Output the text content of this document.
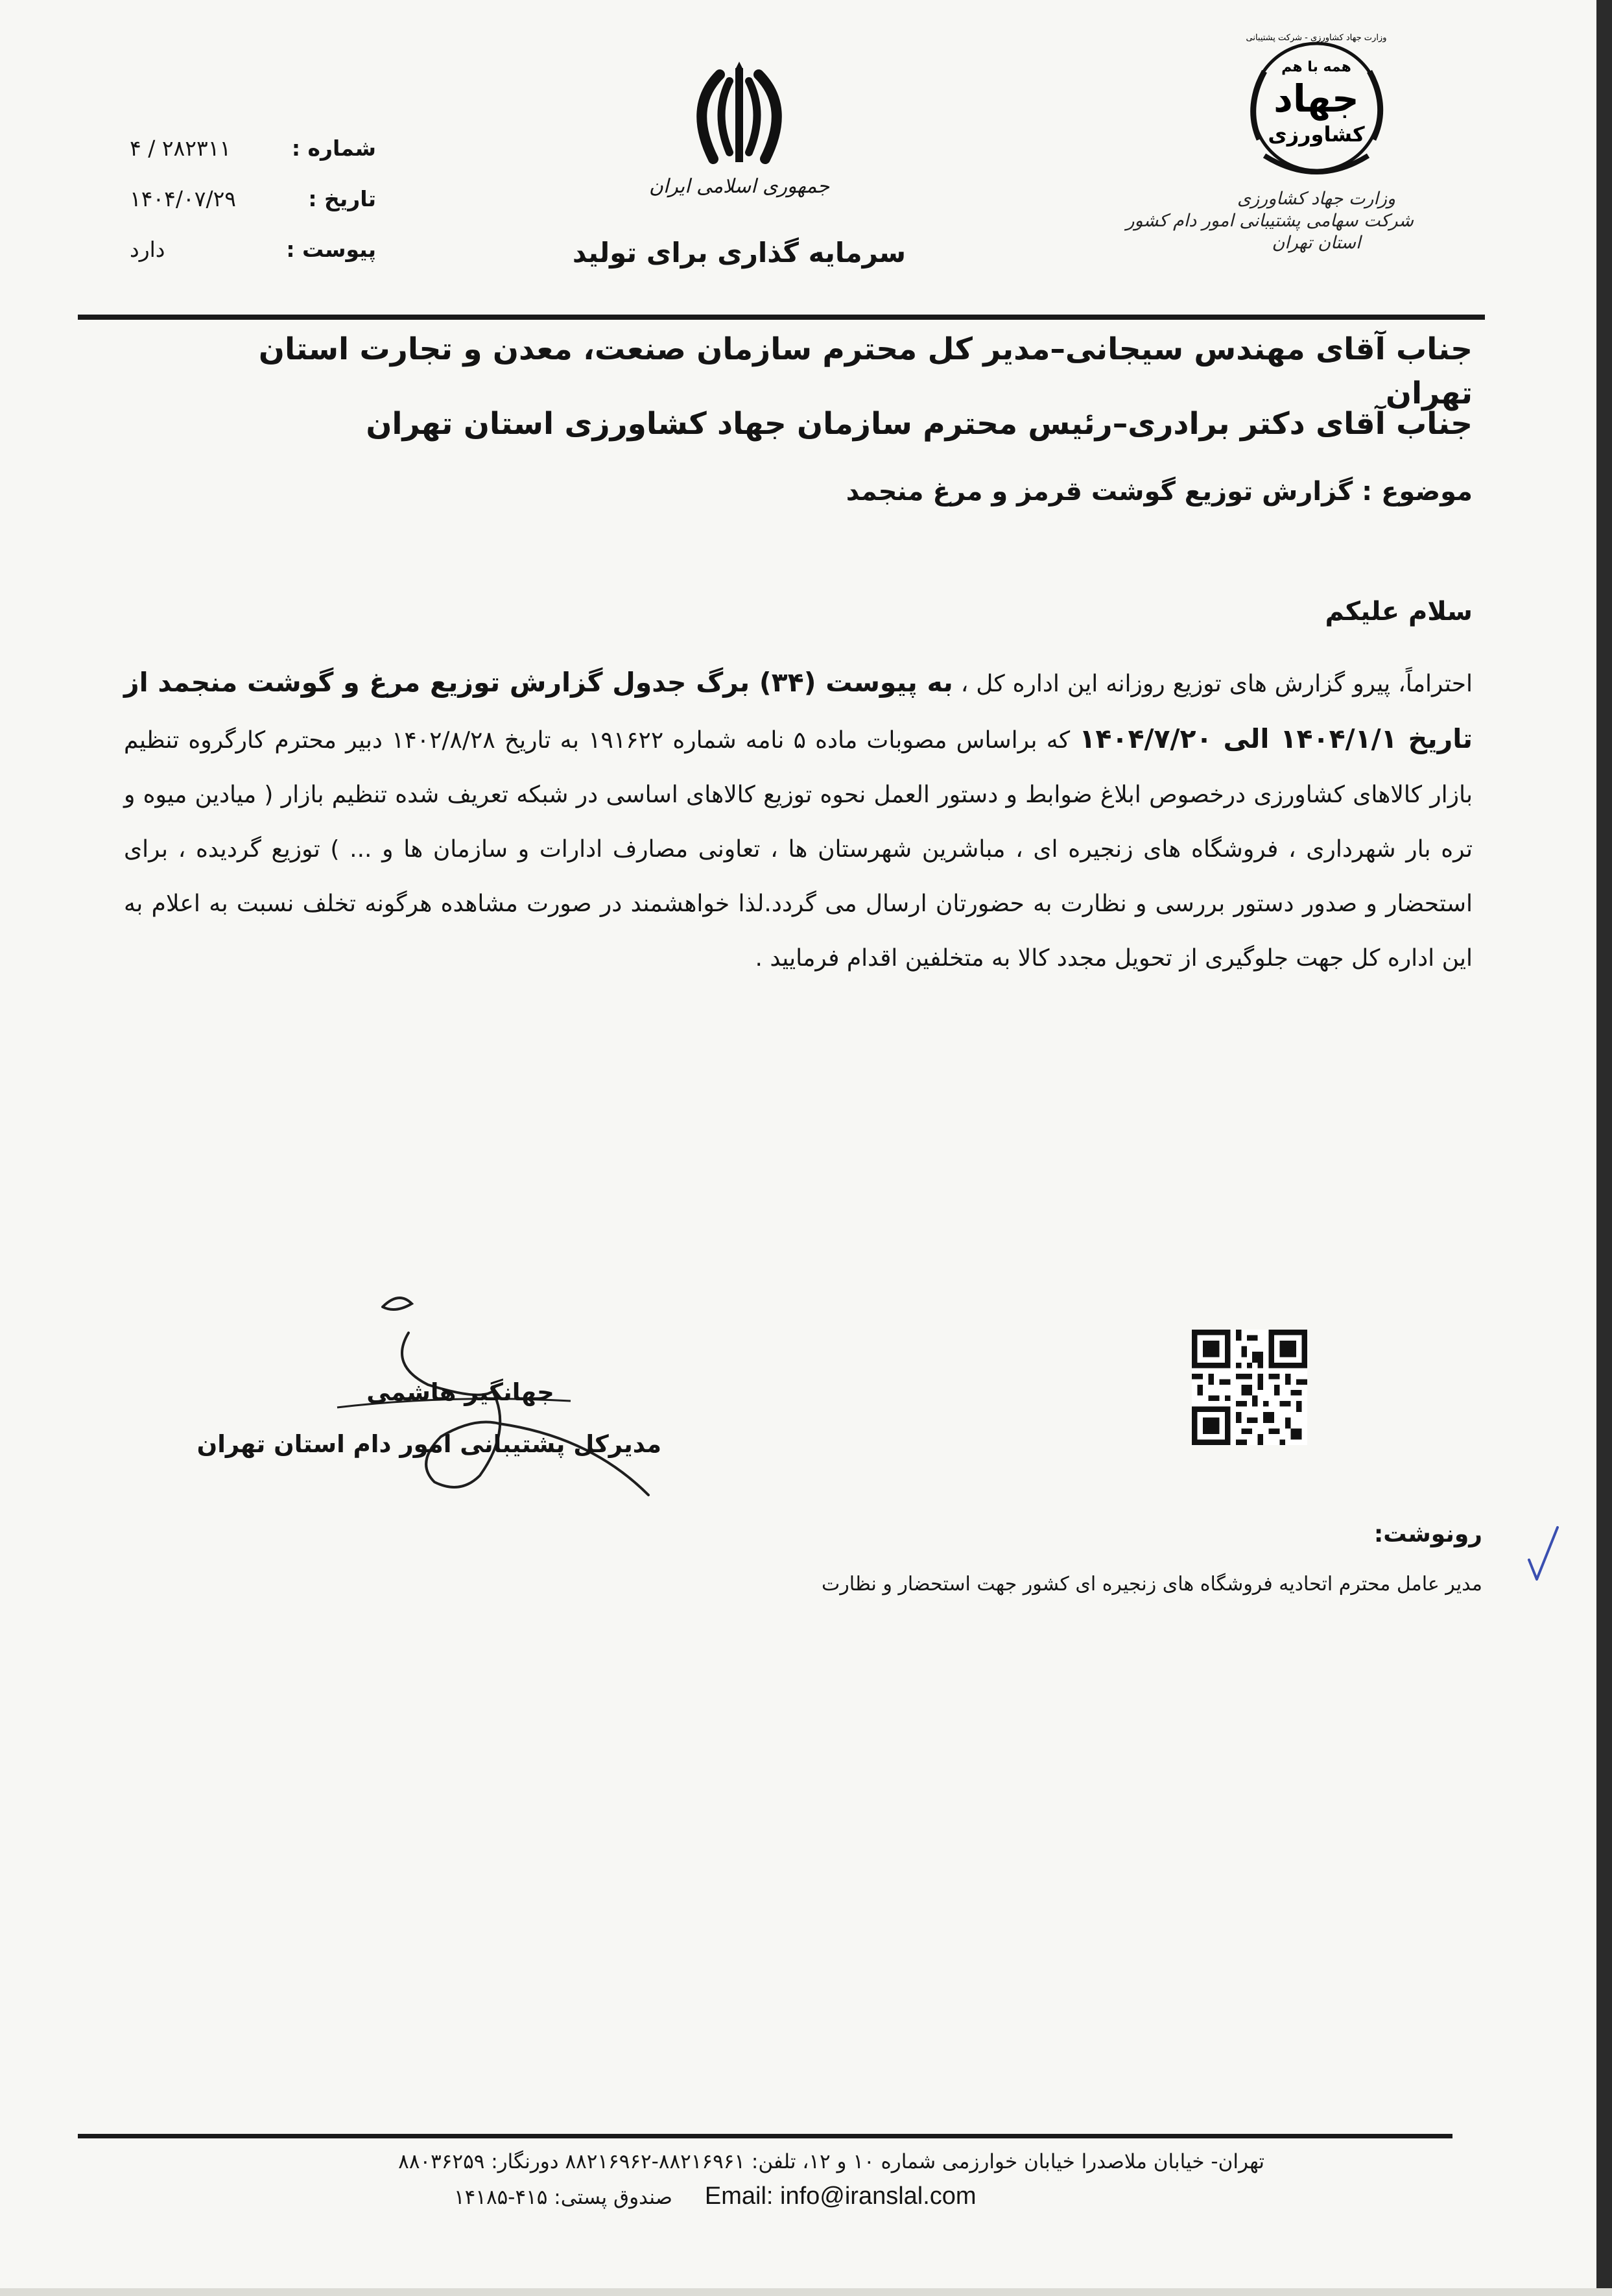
همه با هم
جهاد
کشاورزی
وزارت جهاد کشاورزی - شرکت پشتیبانی
وزارت جهاد کشاورزی
شرکت سهامی پشتیبانی امور دام کشور
استان تهران
جمهوری اسلامی ایران
سرمایه گذاری برای تولید
شماره :
۴ / ۲۸۲۳۱۱
تاریخ :
۱۴۰۴/۰۷/۲۹
پیوست :
دارد
جناب آقای مهندس سیجانی–مدیر کل محترم سازمان صنعت، معدن و تجارت استان تهران
جناب آقای دکتر برادری–رئیس محترم سازمان جهاد کشاورزی استان تهران
موضوع : گزارش توزیع گوشت قرمز و مرغ منجمد
سلام علیکم
احتراماً، پیرو گزارش های توزیع روزانه این اداره کل ، به پیوست (۳۴) برگ جدول گزارش توزیع مرغ و گوشت منجمد از تاریخ ۱۴۰۴/۱/۱ الی ۱۴۰۴/۷/۲۰ که براساس مصوبات ماده ۵ نامه شماره ۱۹۱۶۲۲ به تاریخ ۱۴۰۲/۸/۲۸ دبیر محترم کارگروه تنظیم بازار کالاهای کشاورزی درخصوص ابلاغ ضوابط و دستور العمل نحوه توزیع کالاهای اساسی در شبکه تعریف شده تنظیم بازار ( میادین میوه و تره بار شهرداری ، فروشگاه های زنجیره ای ، مباشرین شهرستان ها ، تعاونی مصارف ادارات و سازمان ها و ... ) توزیع گردیده ، برای استحضار و صدور دستور بررسی و نظارت به حضورتان ارسال می گردد.لذا خواهشمند در صورت مشاهده هرگونه تخلف نسبت به اعلام به این اداره کل جهت جلوگیری از تحویل مجدد کالا به متخلفین اقدام فرمایید .
جهانگیر هاشمی
مدیرکل پشتیبانی امور دام استان تهران
رونوشت:
مدیر عامل محترم اتحادیه فروشگاه های زنجیره ای کشور جهت استحضار و نظارت
تهران- خیابان ملاصدرا خیابان خوارزمی شماره ۱۰ و ۱۲، تلفن: ۸۸۲۱۶۹۶۱-۸۸۲۱۶۹۶۲ دورنگار: ۸۸۰۳۶۲۵۹
صندوق پستی: ۴۱۵-۱۴۱۸۵ Email: info@iranslal.com
